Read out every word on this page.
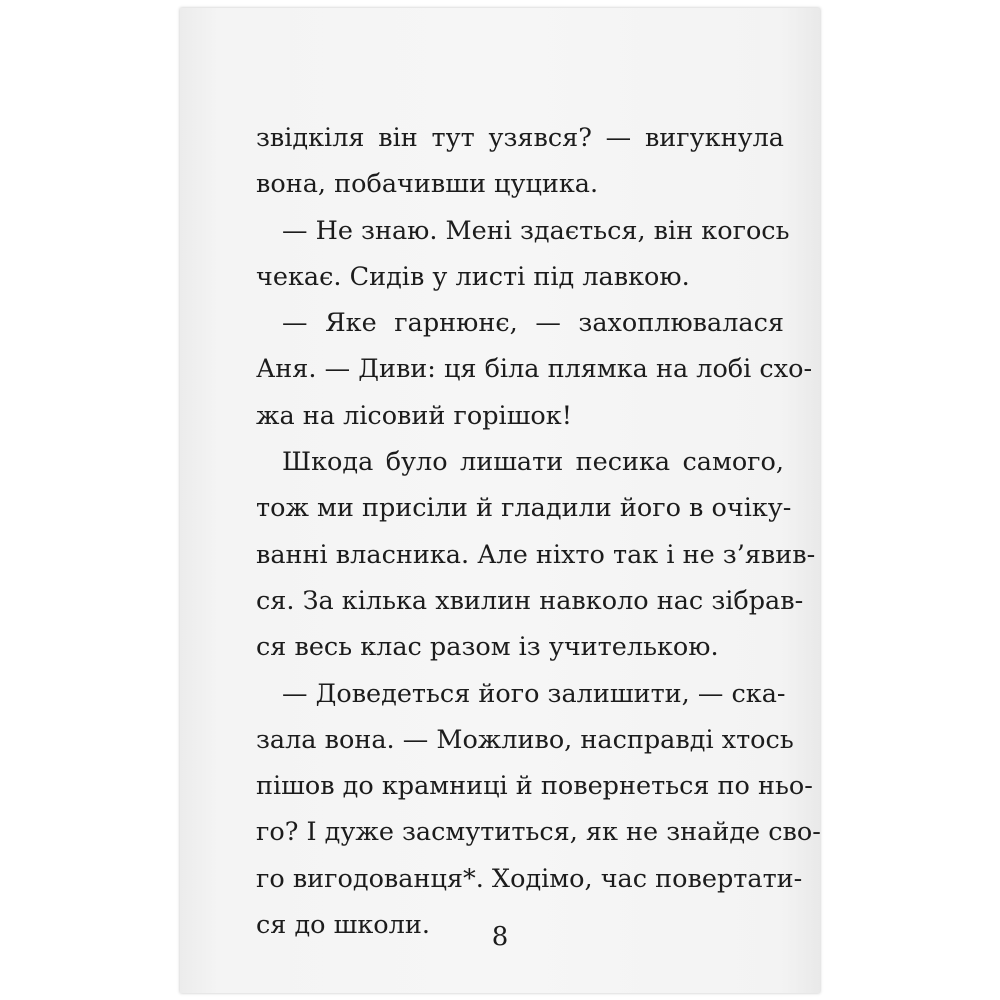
звідкіля він тут узявся? — вигукнула
вона, побачивши цуцика.
— Не знаю. Мені здається, він когось
чекає. Сидів у листі під лавкою.
— Яке гарнюнє, — захоплювалася
Аня. — Диви: ця біла плямка на лобі схо-
жа на лісовий горішок!
Шкода було лишати песика самого,
тож ми присіли й гладили його в очіку-
ванні власника. Але ніхто так і не з’явив-
ся. За кілька хвилин навколо нас зібрав-
ся весь клас разом із учителькою.
— Доведеться його залишити, — ска-
зала вона. — Можливо, насправді хтось
пішов до крамниці й повернеться по ньо-
го? І дуже засмутиться, як не знайде сво-
го вигодованця*. Ходімо, час повертати-
ся до школи.	8
